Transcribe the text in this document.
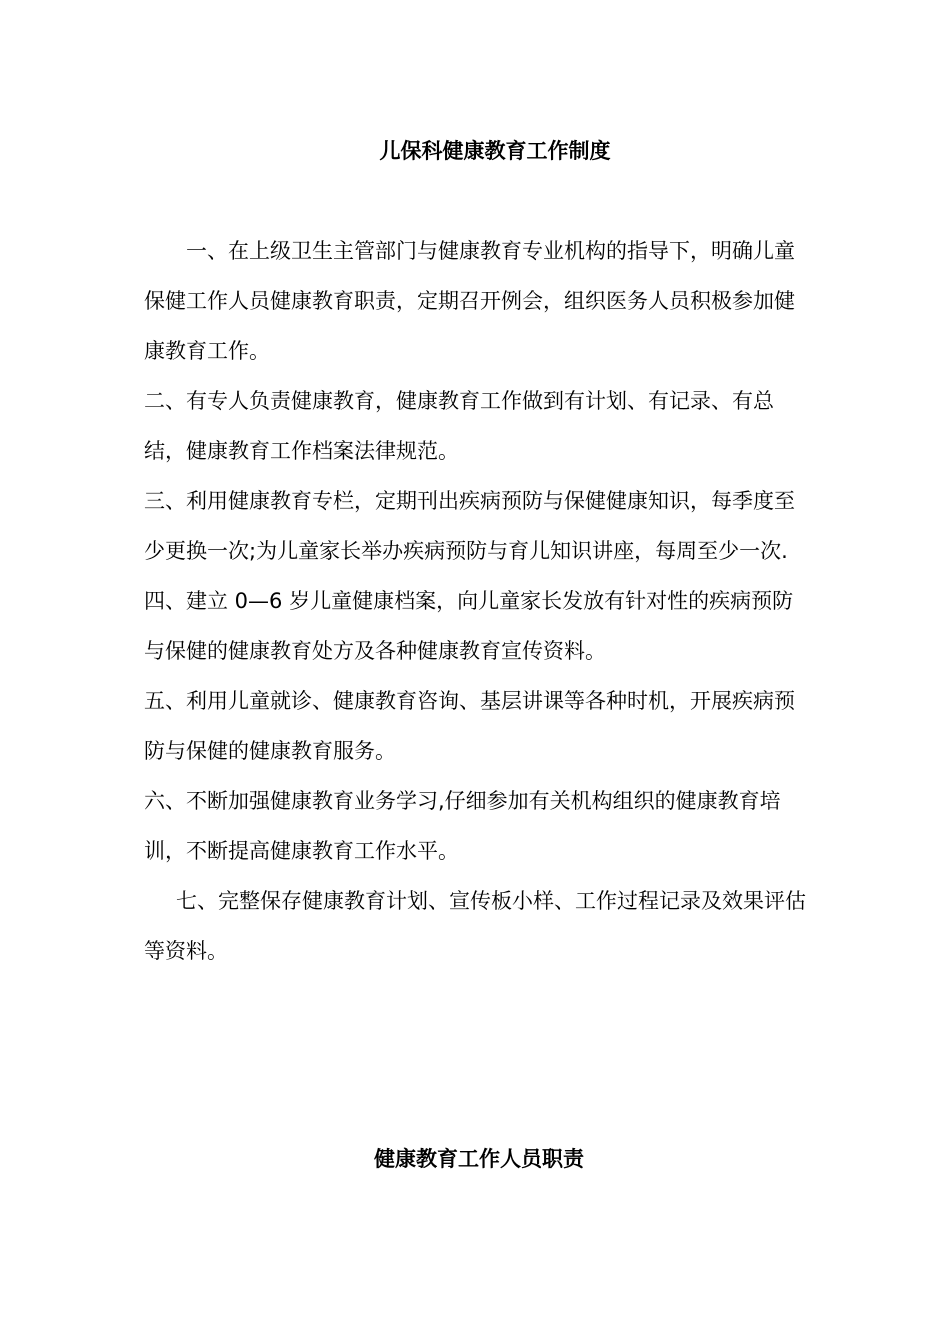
儿保科健康教育工作制度

一、在上级卫生主管部门与健康教育专业机构的指导下，明确儿童保健工作人员健康教育职责，定期召开例会，组织医务人员积极参加健康教育工作。

二、有专人负责健康教育，健康教育工作做到有计划、有记录、有总结，健康教育工作档案法律规范。

三、利用健康教育专栏，定期刊出疾病预防与保健健康知识，每季度至少更换一次;为儿童家长举办疾病预防与育儿知识讲座，每周至少一次.

四、建立 0—6 岁儿童健康档案，向儿童家长发放有针对性的疾病预防与保健的健康教育处方及各种健康教育宣传资料。

五、利用儿童就诊、健康教育咨询、基层讲课等各种时机，开展疾病预防与保健的健康教育服务。

六、不断加强健康教育业务学习,仔细参加有关机构组织的健康教育培训，不断提高健康教育工作水平。

七、完整保存健康教育计划、宣传板小样、工作过程记录及效果评估等资料。

健康教育工作人员职责
